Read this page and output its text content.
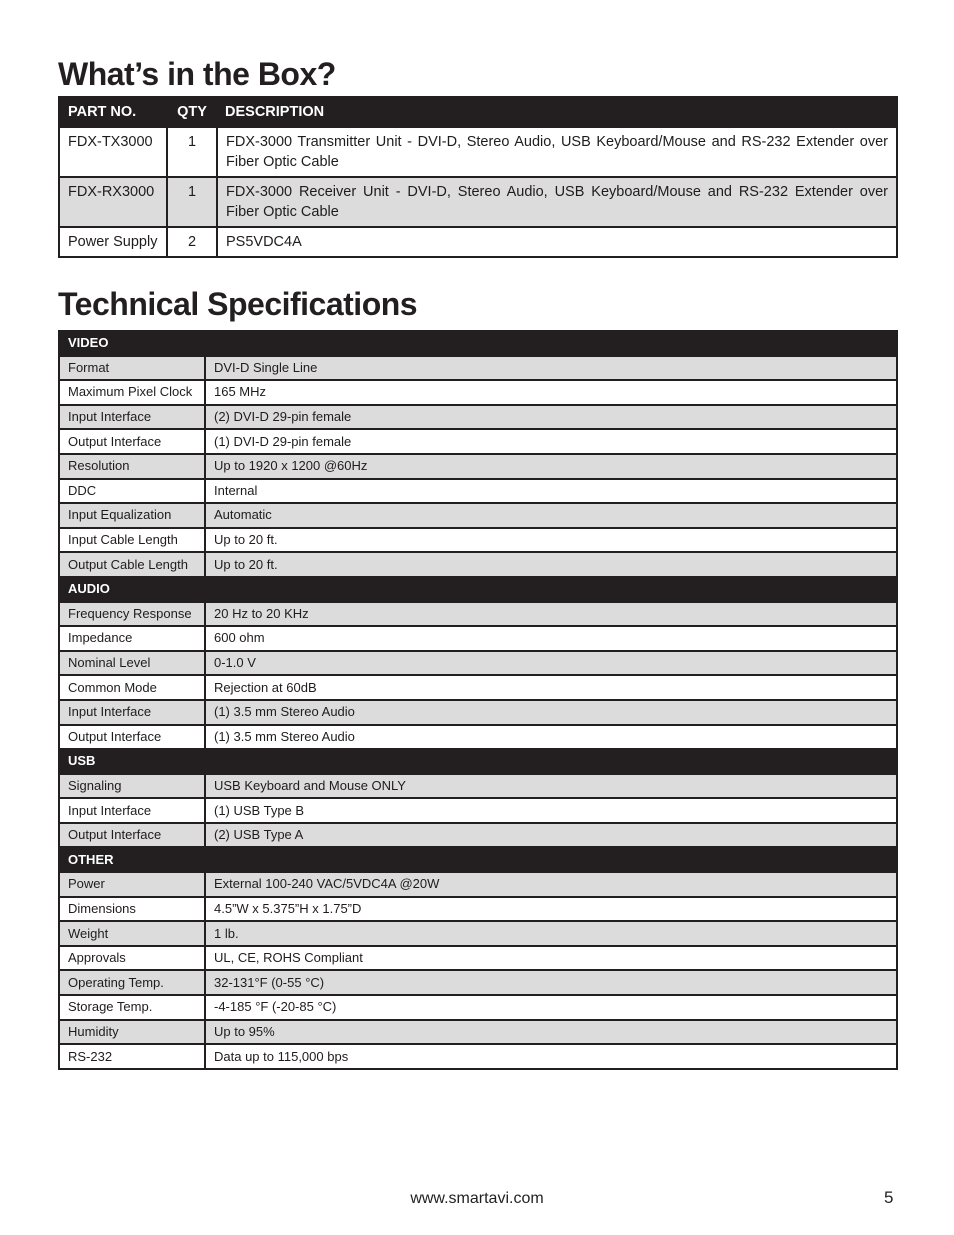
What’s in the Box?
PART NO.	QTY	DESCRIPTION
FDX-TX3000	1	FDX-3000 Transmitter Unit - DVI-D, Stereo Audio, USB Keyboard/Mouse and RS-232 Extender over Fiber Optic Cable
FDX-RX3000	1	FDX-3000 Receiver Unit - DVI-D, Stereo Audio, USB Keyboard/Mouse and RS-232 Extender over Fiber Optic Cable
Power Supply	2	PS5VDC4A
Technical Specifications
VIDEO	
Format	DVI-D Single Line
Maximum Pixel Clock	165 MHz
Input Interface	(2) DVI-D 29-pin female
Output Interface	(1) DVI-D 29-pin female
Resolution	Up to 1920 x 1200 @60Hz
DDC	Internal
Input Equalization	Automatic
Input Cable Length	Up to 20 ft.
Output Cable Length	Up to 20 ft.
AUDIO	
Frequency Response	20 Hz to 20 KHz
Impedance	600 ohm
Nominal Level	0-1.0 V
Common Mode	Rejection at 60dB
Input Interface	(1) 3.5 mm Stereo Audio
Output Interface	(1) 3.5 mm Stereo Audio
USB	
Signaling	USB Keyboard and Mouse ONLY
Input Interface	(1) USB Type B
Output Interface	(2) USB Type A
OTHER	
Power	External 100-240 VAC/5VDC4A @20W
Dimensions	4.5”W x 5.375”H x 1.75”D
Weight	1 lb.
Approvals	UL, CE, ROHS Compliant
Operating Temp.	32-131°F (0-55 °C)
Storage Temp.	-4-185 °F (-20-85 °C)
Humidity	Up to 95%
RS-232	Data up to 115,000 bps
www.smartavi.com	5
